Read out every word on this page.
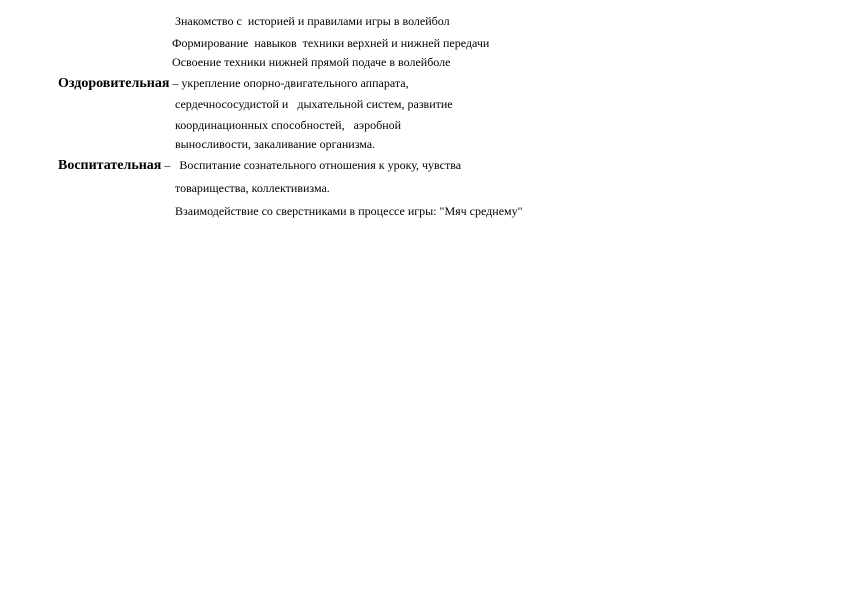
Знакомство с  историей и правилами игры в волейбол
Формирование  навыков  техники верхней и нижней передачи
Освоение техники нижней прямой подаче в волейболе
Оздоровительная – укрепление опорно-двигательного аппарата,
сердечнососудистой и   дыхательной систем, развитие
координационных способностей,   аэробной
выносливости, закаливание организма.
Воспитательная –   Воспитание сознательного отношения к уроку, чувства
товарищества, коллективизма.
Взаимодействие со сверстниками в процессе игры: "Мяч среднему"
